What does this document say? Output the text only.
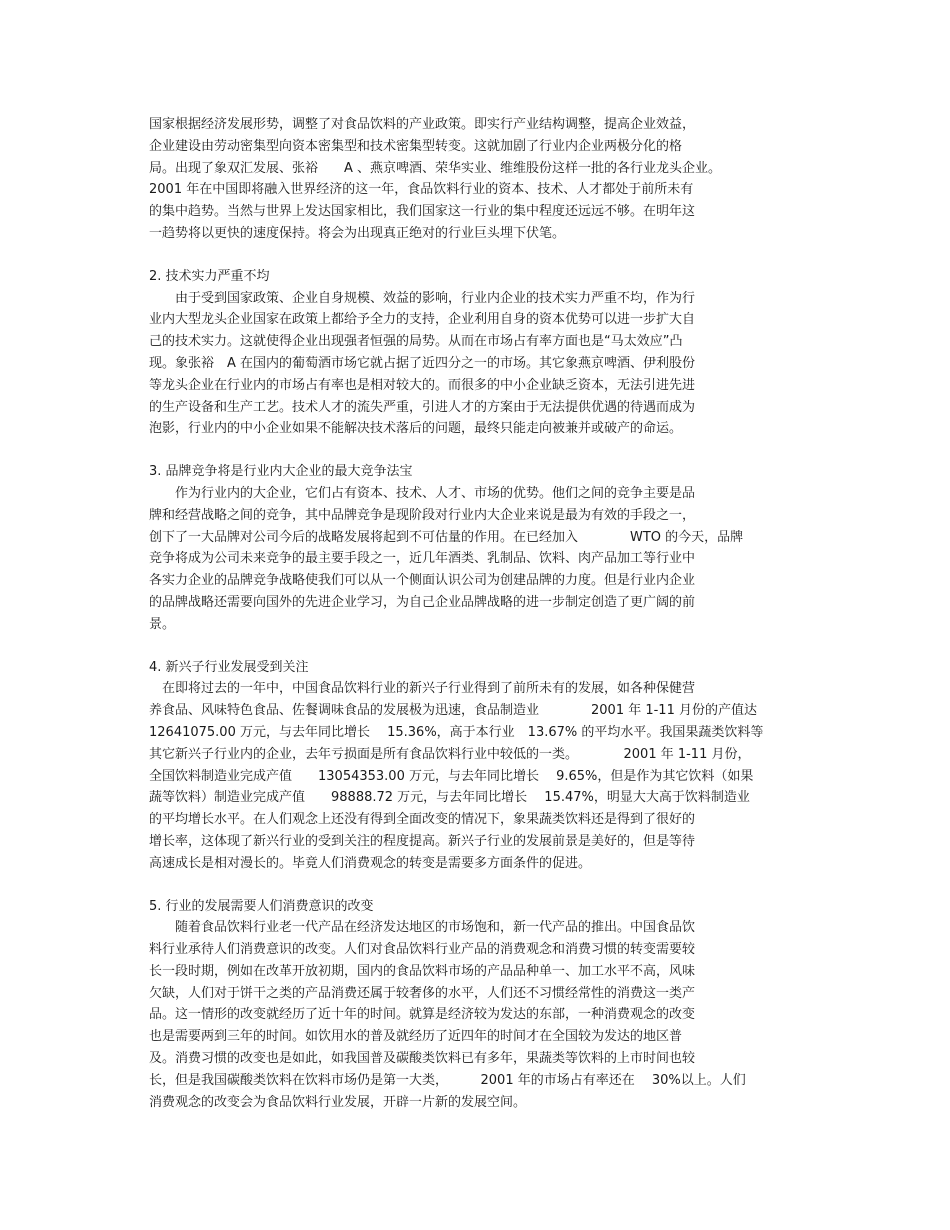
国家根据经济发展形势，调整了对食品饮料的产业政策。即实行产业结构调整，提高企业效益，
企业建设由劳动密集型向资本密集型和技术密集型转变。这就加剧了行业内企业两极分化的格
局。出现了象双汇发展、张裕　　A 、燕京啤酒、荣华实业、维维股份这样一批的各行业龙头企业。
2001 年在中国即将融入世界经济的这一年，食品饮料行业的资本、技术、人才都处于前所未有
的集中趋势。当然与世界上发达国家相比，我们国家这一行业的集中程度还远远不够。在明年这
一趋势将以更快的速度保持。将会为出现真正绝对的行业巨头埋下伏笔。
2. 技术实力严重不均
　　由于受到国家政策、企业自身规模、效益的影响，行业内企业的技术实力严重不均，作为行
业内大型龙头企业国家在政策上都给予全力的支持，企业利用自身的资本优势可以进一步扩大自
己的技术实力。这就使得企业出现强者恒强的局势。从而在市场占有率方面也是“马太效应”凸
现。象张裕　A 在国内的葡萄酒市场它就占据了近四分之一的市场。其它象燕京啤酒、伊利股份
等龙头企业在行业内的市场占有率也是相对较大的。而很多的中小企业缺乏资本，无法引进先进
的生产设备和生产工艺。技术人才的流失严重，引进人才的方案由于无法提供优遇的待遇而成为
泡影，行业内的中小企业如果不能解决技术落后的问题，最终只能走向被兼并或破产的命运。
3. 品牌竞争将是行业内大企业的最大竞争法宝
　　作为行业内的大企业，它们占有资本、技术、人才、市场的优势。他们之间的竞争主要是品
牌和经营战略之间的竞争，其中品牌竞争是现阶段对行业内大企业来说是最为有效的手段之一，
创下了一大品牌对公司今后的战略发展将起到不可估量的作用。在已经加入　　　　WTO 的今天，品牌
竞争将成为公司未来竞争的最主要手段之一，近几年酒类、乳制品、饮料、肉产品加工等行业中
各实力企业的品牌竞争战略使我们可以从一个侧面认识公司为创建品牌的力度。但是行业内企业
的品牌战略还需要向国外的先进企业学习，为自己企业品牌战略的进一步制定创造了更广阔的前
景。
4. 新兴子行业发展受到关注
　在即将过去的一年中，中国食品饮料行业的新兴子行业得到了前所未有的发展，如各种保健营
养食品、风味特色食品、佐餐调味食品的发展极为迅速，食品制造业　　　　2001 年 1-11 月份的产值达
12641075.00 万元，与去年同比增长　 15.36%，高于本行业　13.67% 的平均水平。我国果蔬类饮料等
其它新兴子行业内的企业，去年亏损面是所有食品饮料行业中较低的一类。　　　　2001 年 1-11 月份，
全国饮料制造业完成产值　　13054353.00 万元，与去年同比增长　 9.65%，但是作为其它饮料（如果
蔬等饮料）制造业完成产值　　98888.72 万元，与去年同比增长　 15.47%，明显大大高于饮料制造业
的平均增长水平。在人们观念上还没有得到全面改变的情况下，象果蔬类饮料还是得到了很好的
增长率，这体现了新兴行业的受到关注的程度提高。新兴子行业的发展前景是美好的，但是等待
高速成长是相对漫长的。毕竟人们消费观念的转变是需要多方面条件的促进。
5. 行业的发展需要人们消费意识的改变
　　随着食品饮料行业老一代产品在经济发达地区的市场饱和，新一代产品的推出。中国食品饮
料行业承待人们消费意识的改变。人们对食品饮料行业产品的消费观念和消费习惯的转变需要较
长一段时期，例如在改革开放初期，国内的食品饮料市场的产品品种单一、加工水平不高，风味
欠缺，人们对于饼干之类的产品消费还属于较奢侈的水平，人们还不习惯经常性的消费这一类产
品。这一情形的改变就经历了近十年的时间。就算是经济较为发达的东部，一种消费观念的改变
也是需要两到三年的时间。如饮用水的普及就经历了近四年的时间才在全国较为发达的地区普
及。消费习惯的改变也是如此，如我国普及碳酸类饮料已有多年，果蔬类等饮料的上市时间也较
长，但是我国碳酸类饮料在饮料市场仍是第一大类，　　　2001 年的市场占有率还在　 30%以上。人们
消费观念的改变会为食品饮料行业发展，开辟一片新的发展空间。
